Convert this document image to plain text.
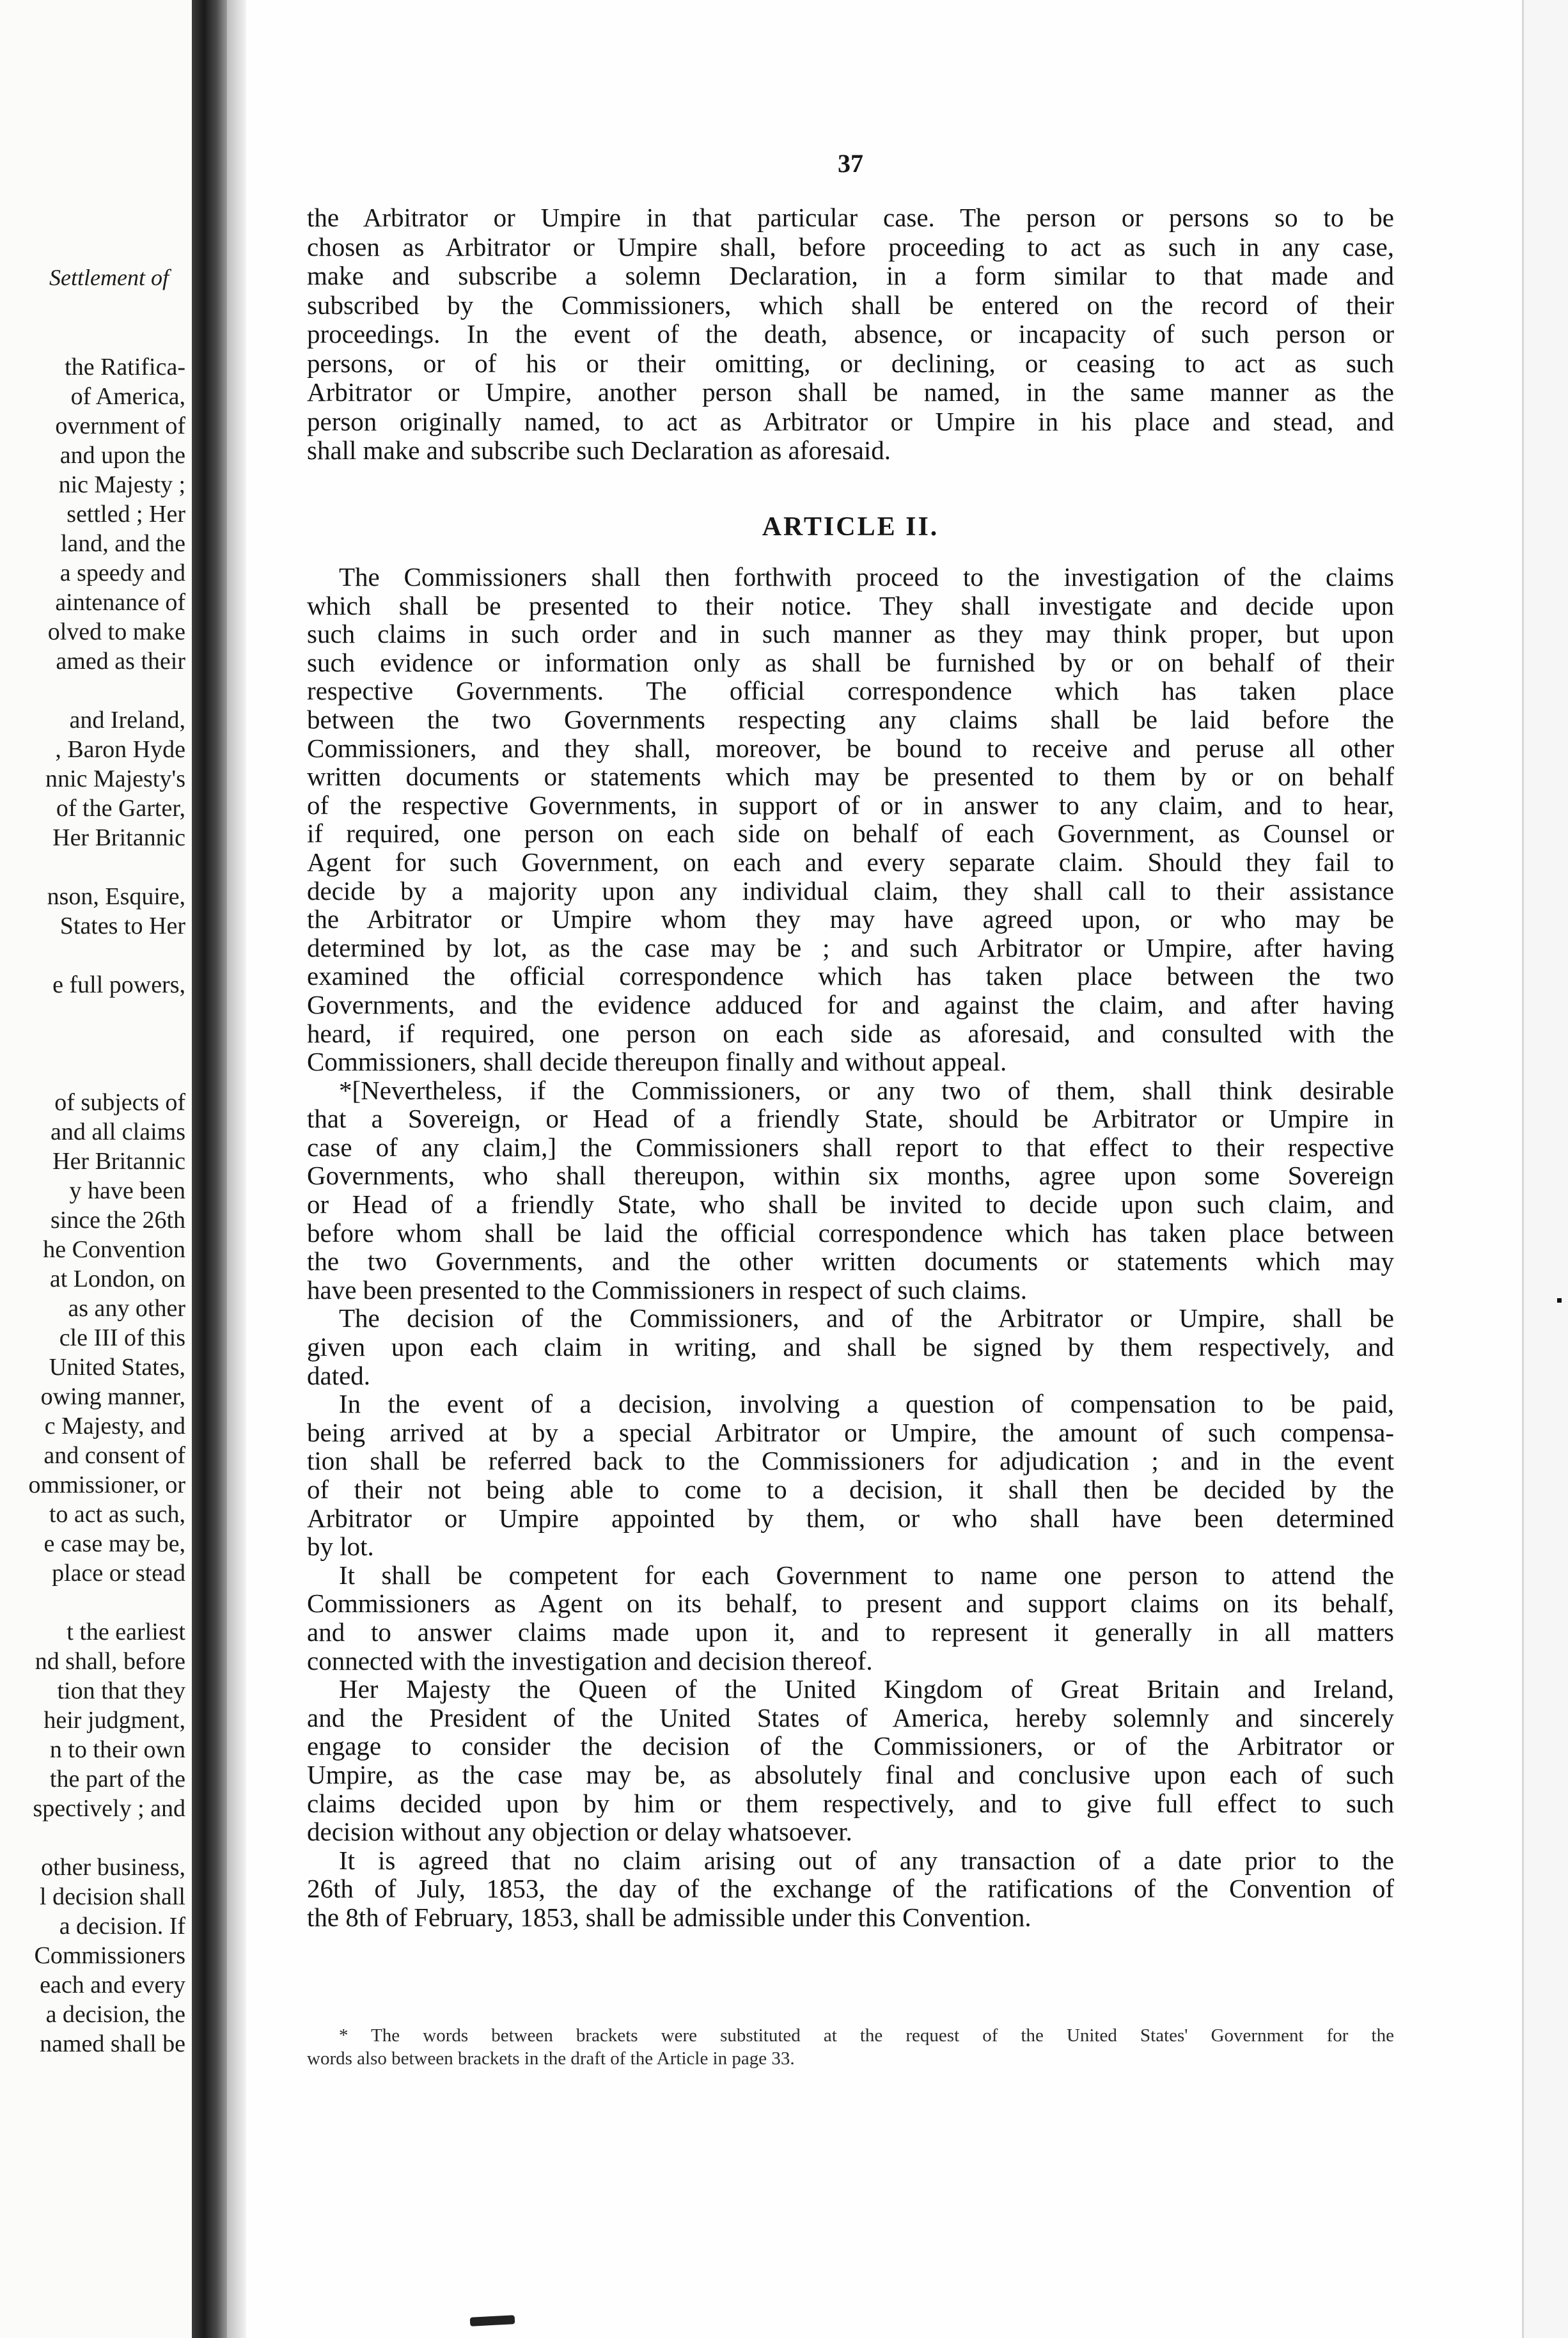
Settlement of
the Ratifica-
of America,
overnment of
and upon the
nic Majesty ;
settled ; Her
land, and the
a speedy and
aintenance of
olved to make
amed as their
and Ireland,
, Baron Hyde
nnic Majesty's
of the Garter,
Her Britannic
nson, Esquire,
States to Her
e full powers,
of subjects of
and all claims
Her Britannic
y have been
since the 26th
he Convention
at London, on
as any other
cle III of this
United States,
owing manner,
c Majesty, and
and consent of
ommissioner, or
to act as such,
e case may be,
place or stead
t the earliest
nd shall, before
tion that they
heir judgment,
n to their own
the part of the
spectively ; and
other business,
l decision shall
a decision. If
Commissioners
each and every
a decision, the
named shall be
37
the Arbitrator or Umpire in that particular case. The person or persons so to be
chosen as Arbitrator or Umpire shall, before proceeding to act as such in any case,
make and subscribe a solemn Declaration, in a form similar to that made and
subscribed by the Commissioners, which shall be entered on the record of their
proceedings. In the event of the death, absence, or incapacity of such person or
persons, or of his or their omitting, or declining, or ceasing to act as such
Arbitrator or Umpire, another person shall be named, in the same manner as the
person originally named, to act as Arbitrator or Umpire in his place and stead, and
shall make and subscribe such Declaration as aforesaid.
ARTICLE II.
The Commissioners shall then forthwith proceed to the investigation of the claims
which shall be presented to their notice. They shall investigate and decide upon
such claims in such order and in such manner as they may think proper, but upon
such evidence or information only as shall be furnished by or on behalf of their
respective Governments. The official correspondence which has taken place
between the two Governments respecting any claims shall be laid before the
Commissioners, and they shall, moreover, be bound to receive and peruse all other
written documents or statements which may be presented to them by or on behalf
of the respective Governments, in support of or in answer to any claim, and to hear,
if required, one person on each side on behalf of each Government, as Counsel or
Agent for such Government, on each and every separate claim. Should they fail to
decide by a majority upon any individual claim, they shall call to their assistance
the Arbitrator or Umpire whom they may have agreed upon, or who may be
determined by lot, as the case may be ; and such Arbitrator or Umpire, after having
examined the official correspondence which has taken place between the two
Governments, and the evidence adduced for and against the claim, and after having
heard, if required, one person on each side as aforesaid, and consulted with the
Commissioners, shall decide thereupon finally and without appeal.
*[Nevertheless, if the Commissioners, or any two of them, shall think desirable
that a Sovereign, or Head of a friendly State, should be Arbitrator or Umpire in
case of any claim,] the Commissioners shall report to that effect to their respective
Governments, who shall thereupon, within six months, agree upon some Sovereign
or Head of a friendly State, who shall be invited to decide upon such claim, and
before whom shall be laid the official correspondence which has taken place between
the two Governments, and the other written documents or statements which may
have been presented to the Commissioners in respect of such claims.
The decision of the Commissioners, and of the Arbitrator or Umpire, shall be
given upon each claim in writing, and shall be signed by them respectively, and
dated.
In the event of a decision, involving a question of compensation to be paid,
being arrived at by a special Arbitrator or Umpire, the amount of such compensa-
tion shall be referred back to the Commissioners for adjudication ; and in the event
of their not being able to come to a decision, it shall then be decided by the
Arbitrator or Umpire appointed by them, or who shall have been determined
by lot.
It shall be competent for each Government to name one person to attend the
Commissioners as Agent on its behalf, to present and support claims on its behalf,
and to answer claims made upon it, and to represent it generally in all matters
connected with the investigation and decision thereof.
Her Majesty the Queen of the United Kingdom of Great Britain and Ireland,
and the President of the United States of America, hereby solemnly and sincerely
engage to consider the decision of the Commissioners, or of the Arbitrator or
Umpire, as the case may be, as absolutely final and conclusive upon each of such
claims decided upon by him or them respectively, and to give full effect to such
decision without any objection or delay whatsoever.
It is agreed that no claim arising out of any transaction of a date prior to the
26th of July, 1853, the day of the exchange of the ratifications of the Convention of
the 8th of February, 1853, shall be admissible under this Convention.
* The words between brackets were substituted at the request of the United States' Government for the
words also between brackets in the draft of the Article in page 33.
